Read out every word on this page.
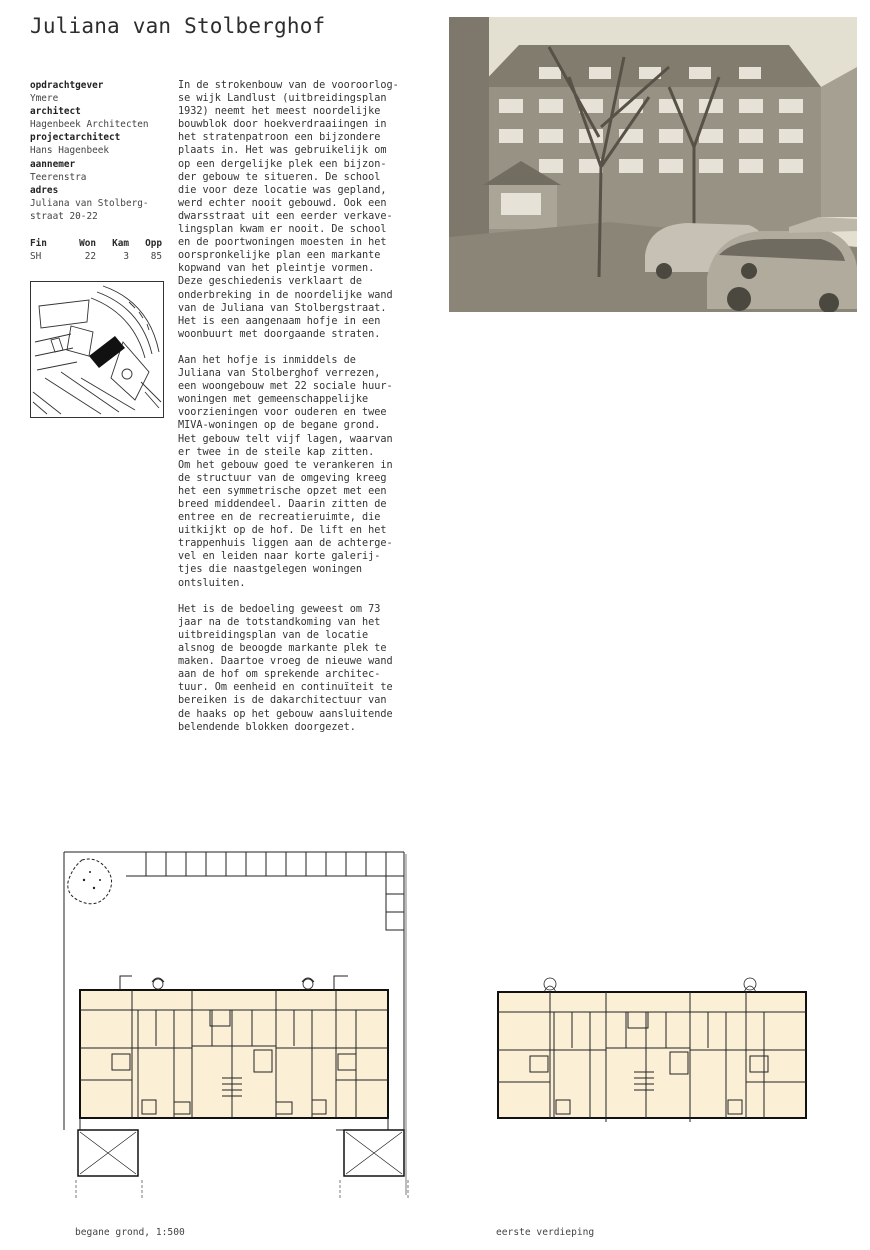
Juliana van Stolberghof
opdrachtgever
Ymere
architect
Hagenbeek Architecten
projectarchitect
Hans Hagenbeek
aannemer
Teerenstra
adres
Juliana van Stolberg-
straat 20-22
Fin	Won	Kam	Opp
SH	22	3	85

In de strokenbouw van de vooroorlog-
se wijk Landlust (uitbreidingsplan
1932) neemt het meest noordelijke
bouwblok door hoekverdraaiingen in
het stratenpatroon een bijzondere
plaats in. Het was gebruikelijk om
op een dergelijke plek een bijzon-
der gebouw te situeren. De school
die voor deze locatie was gepland,
werd echter nooit gebouwd. Ook een
dwarsstraat uit een eerder verkave-
lingsplan kwam er nooit. De school
en de poortwoningen moesten in het
oorspronkelijke plan een markante
kopwand van het pleintje vormen.
Deze geschiedenis verklaart de
onderbreking in de noordelijke wand
van de Juliana van Stolbergstraat.
Het is een aangenaam hofje in een
woonbuurt met doorgaande straten.

Aan het hofje is inmiddels de
Juliana van Stolberghof verrezen,
een woongebouw met 22 sociale huur-
woningen met gemeenschappelijke
voorzieningen voor ouderen en twee
MIVA-woningen op de begane grond.
Het gebouw telt vijf lagen, waarvan
er twee in de steile kap zitten.
Om het gebouw goed te verankeren in
de structuur van de omgeving kreeg
het een symmetrische opzet met een
breed middendeel. Daarin zitten de
entree en de recreatieruimte, die
uitkijkt op de hof. De lift en het
trappenhuis liggen aan de achterge-
vel en leiden naar korte galerij-
tjes die naastgelegen woningen
ontsluiten.

Het is de bedoeling geweest om 73
jaar na de totstandkoming van het
uitbreidingsplan van de locatie
alsnog de beoogde markante plek te
maken. Daartoe vroeg de nieuwe wand
aan de hof om sprekende architec-
tuur. Om eenheid en continuïteit te
bereiken is de dakarchitectuur van
de haaks op het gebouw aansluitende
belendende blokken doorgezet.

begane grond, 1:500	eerste verdieping
